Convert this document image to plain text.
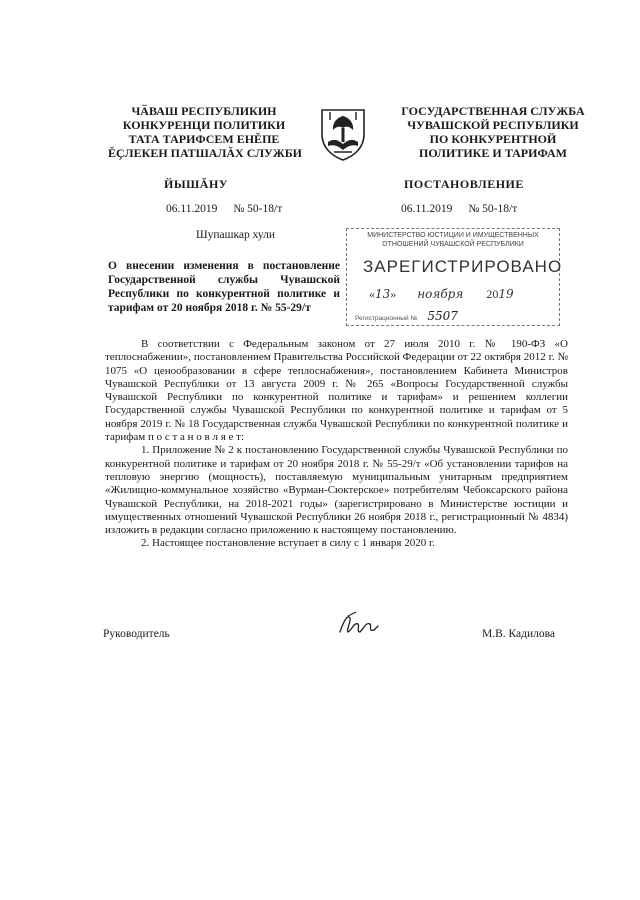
ЧӐВАШ РЕСПУБЛИКИН
КОНКУРЕНЦИ ПОЛИТИКИ
ТАТА ТАРИФСЕМ ЕНĔПЕ
ĔҪЛЕКЕН ПАТШАЛĂХ СЛУЖБИ
ГОСУДАРСТВЕННАЯ СЛУЖБА
ЧУВАШСКОЙ РЕСПУБЛИКИ
ПО КОНКУРЕНТНОЙ
ПОЛИТИКЕ И ТАРИФАМ
ЙЫШĂНУ	ПОСТАНОВЛЕНИЕ
06.11.2019 № 50-18/т	06.11.2019 № 50-18/т
Шупашкар хули
О внесении изменения в постановление Государственной службы Чувашской Республики по конкурентной политике и тарифам от 20 ноября 2018 г. № 55-29/т
МИНИСТЕРСТВО ЮСТИЦИИ И ИМУЩЕСТВЕННЫХ
ОТНОШЕНИЙ ЧУВАШСКОЙ РЕСПУБЛИКИ
ЗАРЕГИСТРИРОВАНО
«13» ноября 2019
Регистрационный № 5507

В соответствии с Федеральным законом от 27 июля 2010 г. № 190-ФЗ «О теплоснабжении», постановлением Правительства Российской Федерации от 22 октября 2012 г. № 1075 «О ценообразовании в сфере теплоснабжения», постановлением Кабинета Министров Чувашской Республики от 13 августа 2009 г. № 265 «Вопросы Государственной службы Чувашской Республики по конкурентной политике и тарифам» и решением коллегии Государственной службы Чувашской Республики по конкурентной политике и тарифам от 5 ноября 2019 г. № 18 Государственная служба Чувашской Республики по конкурентной политике и тарифам п о с т а н о в л я е т:

1. Приложение № 2 к постановлению Государственной службы Чувашской Республики по конкурентной политике и тарифам от 20 ноября 2018 г. № 55-29/т «Об установлении тарифов на тепловую энергию (мощность), поставляемую муниципальным унитарным предприятием «Жилищно-коммунальное хозяйство «Вурман-Сюктерское» потребителям Чебоксарского района Чувашской Республики, на 2018-2021 годы» (зарегистрировано в Министерстве юстиции и имущественных отношений Чувашской Республики 26 ноября 2018 г., регистрационный № 4834) изложить в редакции согласно приложению к настоящему постановлению.

2. Настоящее постановление вступает в силу с 1 января 2020 г.

Руководитель	М.В. Кадилова
